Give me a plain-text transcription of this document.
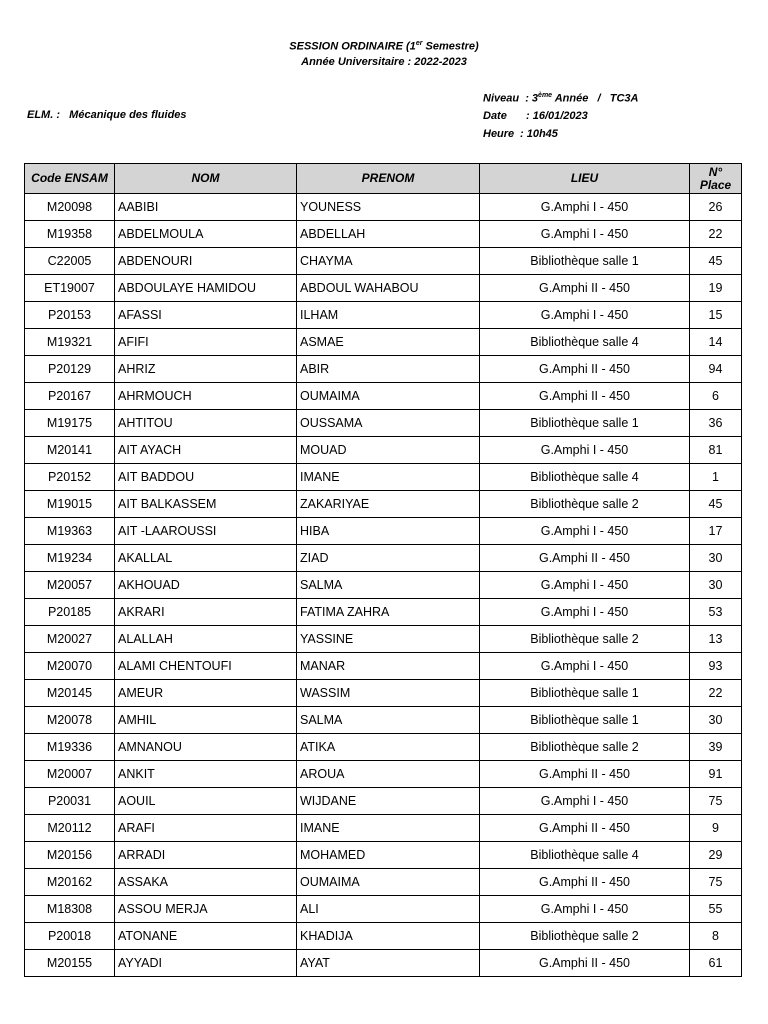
SESSION ORDINAIRE (1er Semestre)
Année Universitaire : 2022-2023
ELM. : Mécanique des fluides
Niveau : 3ème Année   /   TC3A
Date : 16/01/2023
Heure : 10h45
Code ENSAM	NOM	PRENOM	LIEU	N°
Place
M20098	AABIBI	YOUNESS	G.Amphi I - 450	26
M19358	ABDELMOULA	ABDELLAH	G.Amphi I - 450	22
C22005	ABDENOURI	CHAYMA	Bibliothèque salle 1	45
ET19007	ABDOULAYE HAMIDOU	ABDOUL WAHABOU	G.Amphi II - 450	19
P20153	AFASSI	ILHAM	G.Amphi I - 450	15
M19321	AFIFI	ASMAE	Bibliothèque salle 4	14
P20129	AHRIZ	ABIR	G.Amphi II - 450	94
P20167	AHRMOUCH	OUMAIMA	G.Amphi II - 450	6
M19175	AHTITOU	OUSSAMA	Bibliothèque salle 1	36
M20141	AIT AYACH	MOUAD	G.Amphi I - 450	81
P20152	AIT BADDOU	IMANE	Bibliothèque salle 4	1
M19015	AIT BALKASSEM	ZAKARIYAE	Bibliothèque salle 2	45
M19363	AIT -LAAROUSSI	HIBA	G.Amphi I - 450	17
M19234	AKALLAL	ZIAD	G.Amphi II - 450	30
M20057	AKHOUAD	SALMA	G.Amphi I - 450	30
P20185	AKRARI	FATIMA ZAHRA	G.Amphi I - 450	53
M20027	ALALLAH	YASSINE	Bibliothèque salle 2	13
M20070	ALAMI CHENTOUFI	MANAR	G.Amphi I - 450	93
M20145	AMEUR	WASSIM	Bibliothèque salle 1	22
M20078	AMHIL	SALMA	Bibliothèque salle 1	30
M19336	AMNANOU	ATIKA	Bibliothèque salle 2	39
M20007	ANKIT	AROUA	G.Amphi II - 450	91
P20031	AOUIL	WIJDANE	G.Amphi I - 450	75
M20112	ARAFI	IMANE	G.Amphi II - 450	9
M20156	ARRADI	MOHAMED	Bibliothèque salle 4	29
M20162	ASSAKA	OUMAIMA	G.Amphi II - 450	75
M18308	ASSOU MERJA	ALI	G.Amphi I - 450	55
P20018	ATONANE	KHADIJA	Bibliothèque salle 2	8
M20155	AYYADI	AYAT	G.Amphi II - 450	61
